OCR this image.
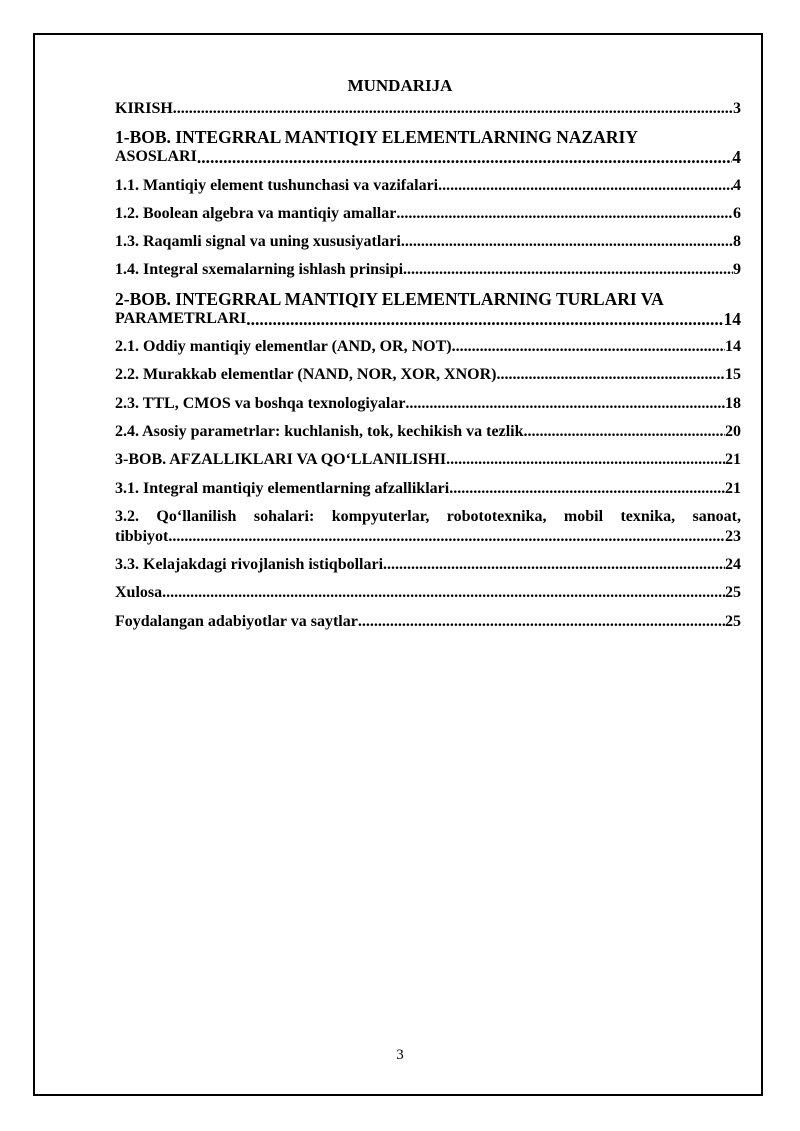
MUNDARIJA
KIRISH .....	3
1-BOB. INTEGRRAL MANTIQIY ELEMENTLARNING NAZARIY
ASOSLARI .....	4
1.1. Mantiqiy element tushunchasi va vazifalari .....	4
1.2. Boolean algebra va mantiqiy amallar .....	6
1.3. Raqamli signal va uning xususiyatlari .....	8
1.4. Integral sxemalarning ishlash prinsipi .....	9
2-BOB. INTEGRRAL MANTIQIY ELEMENTLARNING TURLARI VA
PARAMETRLARI .....	14
2.1. Oddiy mantiqiy elementlar (AND, OR, NOT) .....	14
2.2. Murakkab elementlar (NAND, NOR, XOR, XNOR) .....	15
2.3. TTL, CMOS va boshqa texnologiyalar .....	18
2.4. Asosiy parametrlar: kuchlanish, tok, kechikish va tezlik .....	20
3-BOB. AFZALLIKLARI VA QO‘LLANILISHI .....	21
3.1. Integral mantiqiy elementlarning afzalliklari .....	21
3.2. Qo‘llanilish sohalari: kompyuterlar, robototexnika, mobil texnika, sanoat,
tibbiyot .....	23
3.3. Kelajakdagi rivojlanish istiqbollari .....	24
Xulosa .....	25
Foydalangan adabiyotlar va saytlar .....	25
3
